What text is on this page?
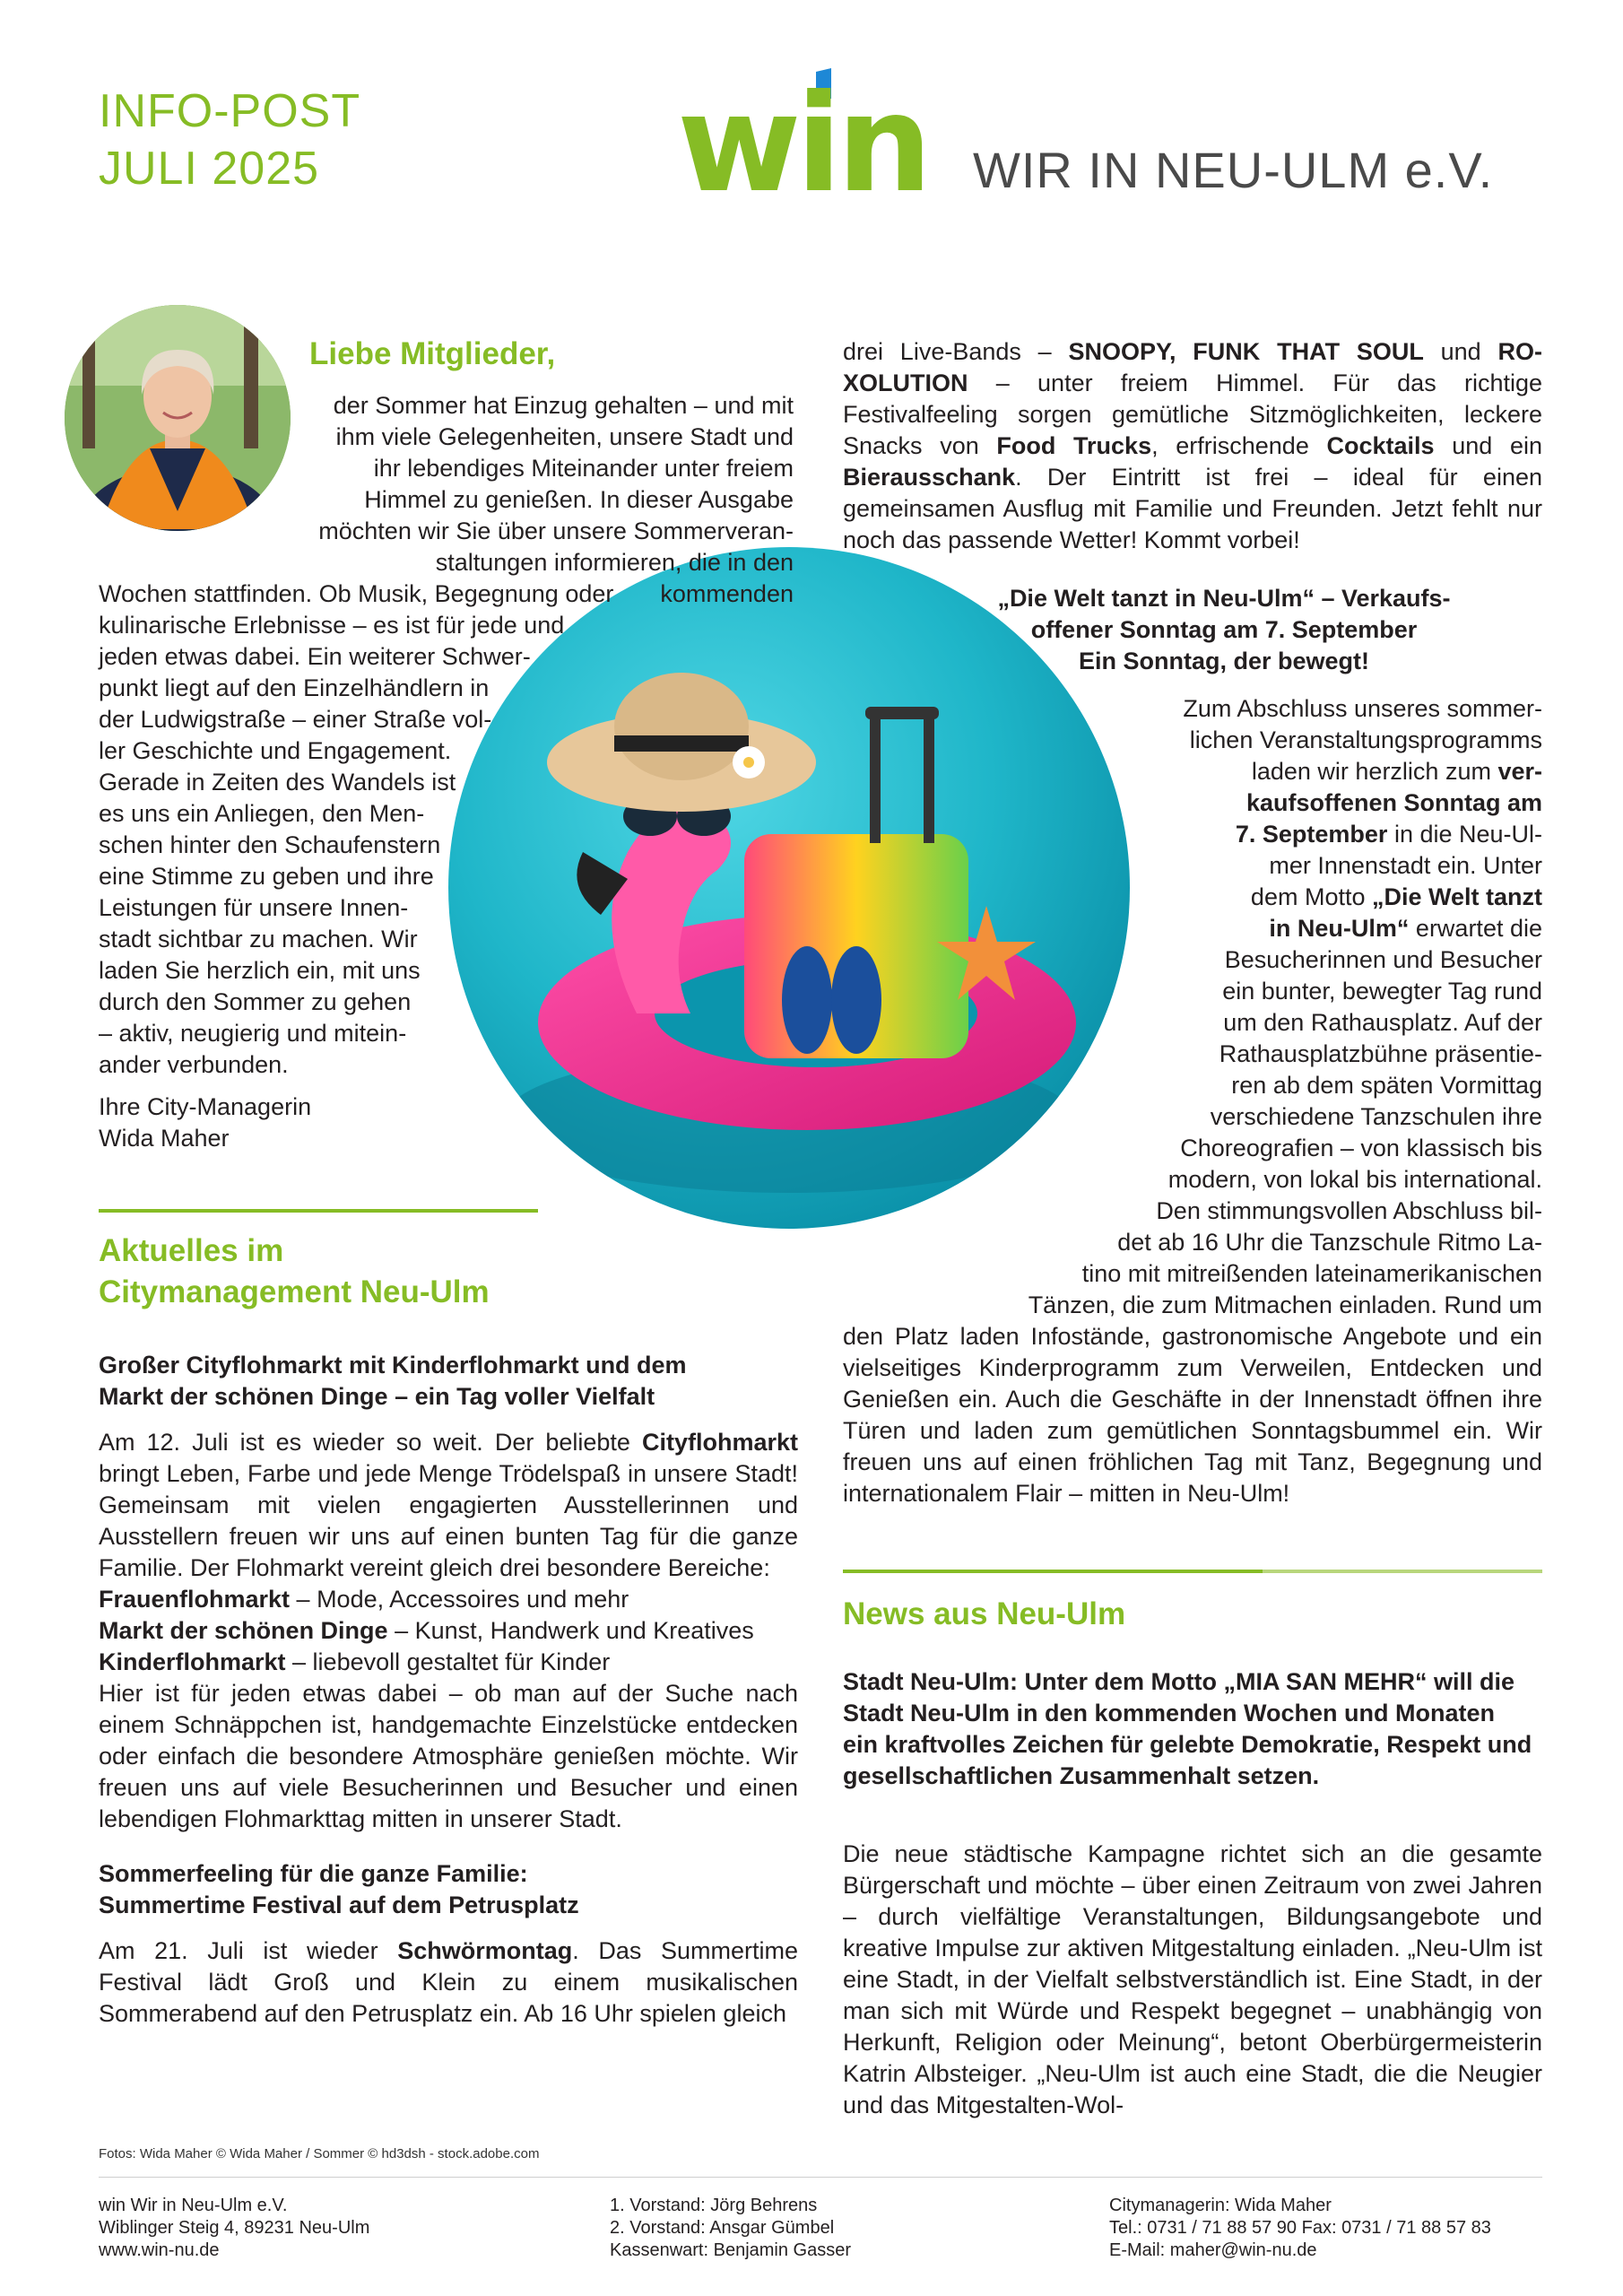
INFO-POST
JULI 2025	win WIR IN NEU-ULM e.V.
Liebe Mitglieder,
der Sommer hat Einzug gehalten – und mit
ihm viele Gelegenheiten, unsere Stadt und
ihr lebendiges Miteinander unter freiem
Himmel zu genießen. In dieser Ausgabe
möchten wir Sie über unsere Sommerveran-
staltungen informieren, die in den kommenden
Wochen stattfinden. Ob Musik, Begegnung oder
kulinarische Erlebnisse – es ist für jede und
jeden etwas dabei. Ein weiterer Schwer-
punkt liegt auf den Einzelhändlern in
der Ludwigstraße – einer Straße vol-
ler Geschichte und Engagement.
Gerade in Zeiten des Wandels ist
es uns ein Anliegen, den Men-
schen hinter den Schaufenstern
eine Stimme zu geben und ihre
Leistungen für unsere Innen-
stadt sichtbar zu machen. Wir
laden Sie herzlich ein, mit uns
durch den Sommer zu gehen
– aktiv, neugierig und mitein-
ander verbunden.
Ihre City-Managerin
Wida Maher
Aktuelles im
Citymanagement Neu-Ulm
Großer Cityflohmarkt mit Kinderflohmarkt und dem
Markt der schönen Dinge – ein Tag voller Vielfalt

Am 12. Juli ist es wieder so weit. Der beliebte Cityflohmarkt bringt Leben, Farbe und jede Menge Trödelspaß in unsere Stadt! Gemeinsam mit vielen engagierten Ausstellerinnen und Ausstellern freuen wir uns auf einen bunten Tag für die ganze Familie. Der Flohmarkt vereint gleich drei besondere Bereiche:

Frauenflohmarkt – Mode, Accessoires und mehr
Markt der schönen Dinge – Kunst, Handwerk und Kreatives
Kinderflohmarkt – liebevoll gestaltet für Kinder

Hier ist für jeden etwas dabei – ob man auf der Suche nach einem Schnäppchen ist, handgemachte Einzelstücke entdecken oder einfach die besondere Atmosphäre genießen möchte. Wir freuen uns auf viele Besucherinnen und Besucher und einen lebendigen Flohmarkttag mitten in unserer Stadt.

Sommerfeeling für die ganze Familie:
Summertime Festival auf dem Petrusplatz

Am 21. Juli ist wieder Schwörmontag. Das Summertime Festival lädt Groß und Klein zu einem musikalischen Sommerabend auf den Petrusplatz ein. Ab 16 Uhr spielen gleich

drei Live-Bands – SNOOPY, FUNK THAT SOUL und RO-XOLUTION – unter freiem Himmel. Für das richtige Festivalfeeling sorgen gemütliche Sitzmöglichkeiten, leckere Snacks von Food Trucks, erfrischende Cocktails und ein Bierausschank. Der Eintritt ist frei – ideal für einen gemeinsamen Ausflug mit Familie und Freunden. Jetzt fehlt nur noch das passende Wetter! Kommt vorbei!
„Die Welt tanzt in Neu-Ulm“ – Verkaufs-
offener Sonntag am 7. September
Ein Sonntag, der bewegt!
Zum Abschluss unseres sommer-
lichen Veranstaltungsprogramms
laden wir herzlich zum ver-
kaufsoffenen Sonntag am
7. September in die Neu-Ul-
mer Innenstadt ein. Unter
dem Motto „Die Welt tanzt
in Neu-Ulm“ erwartet die
Besucherinnen und Besucher
ein bunter, bewegter Tag rund
um den Rathausplatz. Auf der
Rathausplatzbühne präsentie-
ren ab dem späten Vormittag
verschiedene Tanzschulen ihre
Choreografien – von klassisch bis
modern, von lokal bis international.
Den stimmungsvollen Abschluss bil-
det ab 16 Uhr die Tanzschule Ritmo La-
tino mit mitreißenden lateinamerikanischen
Tänzen, die zum Mitmachen einladen. Rund um
den Platz laden Infostände, gastronomische Angebote und ein vielseitiges Kinderprogramm zum Verweilen, Entdecken und Genießen ein. Auch die Geschäfte in der Innenstadt öffnen ihre Türen und laden zum gemütlichen Sonntagsbummel ein. Wir freuen uns auf einen fröhlichen Tag mit Tanz, Begegnung und internationalem Flair – mitten in Neu-Ulm!
News aus Neu-Ulm
Stadt Neu-Ulm: Unter dem Motto „MIA SAN MEHR“ will die Stadt Neu-Ulm in den kommenden Wochen und Monaten ein kraftvolles Zeichen für gelebte Demokratie, Respekt und gesellschaftlichen Zusammenhalt setzen.
Die neue städtische Kampagne richtet sich an die gesamte Bürgerschaft und möchte – über einen Zeitraum von zwei Jahren – durch vielfältige Veranstaltungen, Bildungsangebote und kreative Impulse zur aktiven Mitgestaltung einladen. „Neu-Ulm ist eine Stadt, in der Vielfalt selbstverständlich ist. Eine Stadt, in der man sich mit Würde und Respekt begegnet – unabhängig von Herkunft, Religion oder Meinung“, betont Oberbürgermeisterin Katrin Albsteiger. „Neu-Ulm ist auch eine Stadt, die die Neugier und das Mitgestalten-Wol-
Fotos: Wida Maher © Wida Maher / Sommer © hd3dsh - stock.adobe.com
win Wir in Neu-Ulm e.V.
Wiblinger Steig 4, 89231 Neu-Ulm
www.win-nu.de
1. Vorstand: Jörg Behrens
2. Vorstand: Ansgar Gümbel
Kassenwart: Benjamin Gasser
Citymanagerin: Wida Maher
Tel.: 0731 / 71 88 57 90 Fax: 0731 / 71 88 57 83
E-Mail: maher@win-nu.de
